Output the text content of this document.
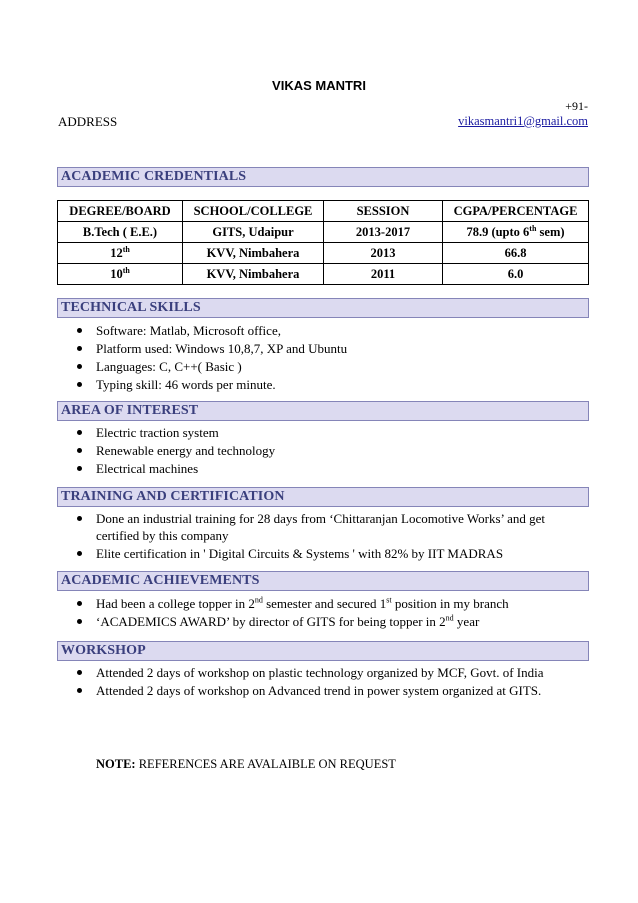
VIKAS MANTRI
ADDRESS
+91-
vikasmantri1@gmail.com
ACADEMIC CREDENTIALS
DEGREE/BOARD	SCHOOL/COLLEGE	SESSION	CGPA/PERCENTAGE
B.Tech ( E.E.)	GITS, Udaipur	2013-2017	78.9 (upto 6th sem)
12th	KVV, Nimbahera	2013	66.8
10th	KVV, Nimbahera	2011	6.0
TECHNICAL SKILLS
Software: Matlab, Microsoft office,
Platform used: Windows 10,8,7, XP and Ubuntu
Languages: C, C++( Basic )
Typing skill: 46 words per minute.
AREA OF INTEREST
Electric traction system
Renewable energy and technology
Electrical machines
TRAINING AND CERTIFICATION
Done an industrial training for 28 days from ‘Chittaranjan Locomotive Works’ and get certified by this company
Elite certification in ' Digital Circuits & Systems ' with 82% by IIT MADRAS
ACADEMIC ACHIEVEMENTS
Had been a college topper in 2nd semester and secured 1st position in my branch
‘ACADEMICS AWARD’ by director of GITS for being topper in 2nd year
WORKSHOP
Attended 2 days of workshop on plastic technology organized by MCF, Govt. of India
Attended 2 days of workshop on Advanced trend in power system organized at GITS.
NOTE: REFERENCES ARE AVALAIBLE ON REQUEST
